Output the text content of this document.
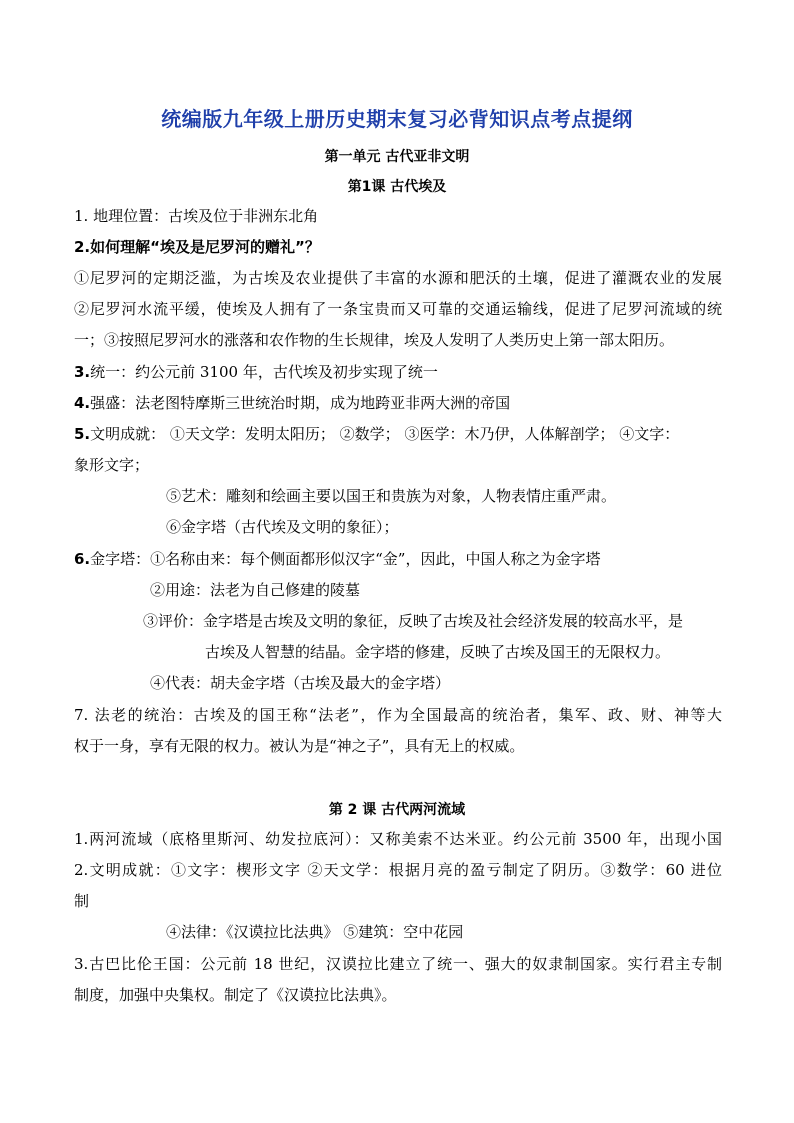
统编版九年级上册历史期末复习必背知识点考点提纲
第一单元 古代亚非文明
第1课 古代埃及
1. 地理位置：古埃及位于非洲东北角
2.如何理解“埃及是尼罗河的赠礼”？
①尼罗河的定期泛滥，为古埃及农业提供了丰富的水源和肥沃的土壤，促进了灌溉农业的发展
②尼罗河水流平缓，使埃及人拥有了一条宝贵而又可靠的交通运输线，促进了尼罗河流域的统
一；③按照尼罗河水的涨落和农作物的生长规律，埃及人发明了人类历史上第一部太阳历。
3.统一：约公元前 3100 年，古代埃及初步实现了统一
4.强盛：法老图特摩斯三世统治时期，成为地跨亚非两大洲的帝国
5.文明成就： ①天文学：发明太阳历； ②数学； ③医学：木乃伊，人体解剖学； ④文字：
象形文字；
⑤艺术：雕刻和绘画主要以国王和贵族为对象，人物表情庄重严肃。
⑥金字塔（古代埃及文明的象征）；
6.金字塔：①名称由来：每个侧面都形似汉字“金”，因此，中国人称之为金字塔
②用途：法老为自己修建的陵墓
③评价：金字塔是古埃及文明的象征，反映了古埃及社会经济发展的较高水平，是
古埃及人智慧的结晶。金字塔的修建，反映了古埃及国王的无限权力。
④代表：胡夫金字塔（古埃及最大的金字塔）
7. 法老的统治：古埃及的国王称“法老”，作为全国最高的统治者，集军、政、财、神等大
权于一身，享有无限的权力。被认为是“神之子”，具有无上的权威。
第 2 课 古代两河流域
1.两河流域（底格里斯河、幼发拉底河）：又称美索不达米亚。约公元前 3500 年，出现小国
2.文明成就：①文字：楔形文字 ②天文学：根据月亮的盈亏制定了阴历。③数学：60 进位
制
④法律：《汉谟拉比法典》 ⑤建筑：空中花园
3.古巴比伦王国：公元前 18 世纪，汉谟拉比建立了统一、强大的奴隶制国家。实行君主专制
制度，加强中央集权。制定了《汉谟拉比法典》。
